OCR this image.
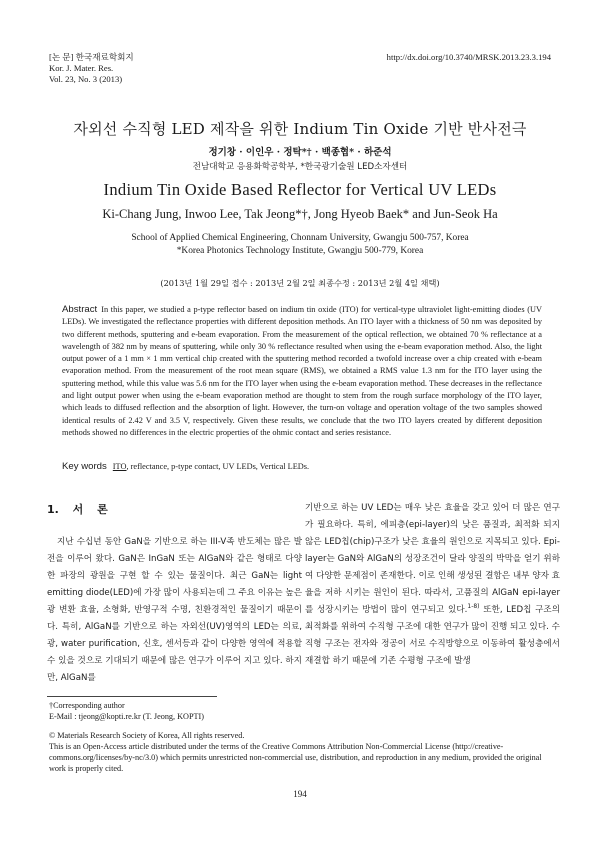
[논 문] 한국재료학회지
Kor. J. Mater. Res.
Vol. 23, No. 3 (2013)
http://dx.doi.org/10.3740/MRSK.2013.23.3.194
자외선 수직형 LED 제작을 위한 Indium Tin Oxide 기반 반사전극
정기창 · 이인우 · 정탁*† · 백종협* · 하준석
전남대학교 응용화학공학부, *한국광기술원 LED소자센터
Indium Tin Oxide Based Reflector for Vertical UV LEDs
Ki-Chang Jung, Inwoo Lee, Tak Jeong*†, Jong Hyeob Baek* and Jun-Seok Ha
School of Applied Chemical Engineering, Chonnam University, Gwangju 500-757, Korea
*Korea Photonics Technology Institute, Gwangju 500-779, Korea
(2013년 1월 29일 접수 : 2013년 2월 2일 최종수정 : 2013년 2월 4일 채택)
Abstract In this paper, we studied a p-type reflector based on indium tin oxide (ITO) for vertical-type ultraviolet light-emitting diodes (UV LEDs). We investigated the reflectance properties with different deposition methods. An ITO layer with a thickness of 50 nm was deposited by two different methods, sputtering and e-beam evaporation. From the measurement of the optical reflection, we obtained 70 % reflectance at a wavelength of 382 nm by means of sputtering, while only 30 % reflectance resulted when using the e-beam evaporation method. Also, the light output power of a 1 mm × 1 mm vertical chip created with the sputtering method recorded a twofold increase over a chip created with e-beam evaporation method. From the measurement of the root mean square (RMS), we obtained a RMS value 1.3 nm for the ITO layer using the sputtering method, while this value was 5.6 nm for the ITO layer when using the e-beam evaporation method. These decreases in the reflectance and light output power when using the e-beam evaporation method are thought to stem from the rough surface morphology of the ITO layer, which leads to diffused reflection and the absorption of light. However, the turn-on voltage and operation voltage of the two samples showed identical results of 2.42 V and 3.5 V, respectively. Given these results, we conclude that the two ITO layers created by different deposition methods showed no differences in the electric properties of the ohmic contact and series resistance.
Key words ITO, reflectance, p-type contact, UV LEDs, Vertical LEDs.
1. 서 론

지난 수십년 동안 GaN을 기반으로 하는 III-V족 반도체는 많은 발전을 이루어 왔다. GaN은 InGaN 또는 AlGaN와 같은 형태로 다양한 파장의 광원을 구현 할 수 있는 물질이다. 최근 GaN는 light emitting diode(LED)에 가장 많이 사용되는데 그 주요 이유는 높은 광 변환 효율, 소형화, 반영구적 수명, 친환경적인 물질이기 때문이다. 특히, AlGaN를 기반으로 하는 자외선(UV)영역의 LED는 의료, 광, water purification, 신호, 센서등과 같이 다양한 영역에 적용할 수 있을 것으로 기대되기 때문에 많은 연구가 이루어 지고 있다. 하지만, AlGaN를

기반으로 하는 UV LED는 매우 낮은 효율을 갖고 있어 더 많은 연구가 필요하다. 특히, 에피층(epi-layer)의 낮은 품질과, 최적화 되지 않은 LED칩(chip)구조가 낮은 효율의 원인으로 지목되고 있다. Epi-layer는 GaN와 AlGaN의 성장조건이 달라 양질의 박막을 얻기 위하여 다양한 문제점이 존재한다. 이로 인해 생성된 결함은 내부 양자 효율을 저하 시키는 원인이 된다. 따라서, 고품질의 AlGaN epi-layer를 성장시키는 방법이 많이 연구되고 있다.$^{1-8)}$ 또한, LED칩 구조의 최적화를 위하여 수직형 구조에 대한 연구가 많이 진행 되고 있다. 수직형 구조는 전자와 정공이 서로 수직방향으로 이동하여 활성층에서 재결합 하기 때문에 기존 수평형 구조에 발생

†Corresponding author
E-Mail : tjeong@kopti.re.kr (T. Jeong, KOPTI)
© Materials Research Society of Korea, All rights reserved.
This is an Open-Access article distributed under the terms of the Creative Commons Attribution Non-Commercial License (http://creative-commons.org/licenses/by-nc/3.0) which permits unrestricted non-commercial use, distribution, and reproduction in any medium, provided the original work is properly cited.
194
